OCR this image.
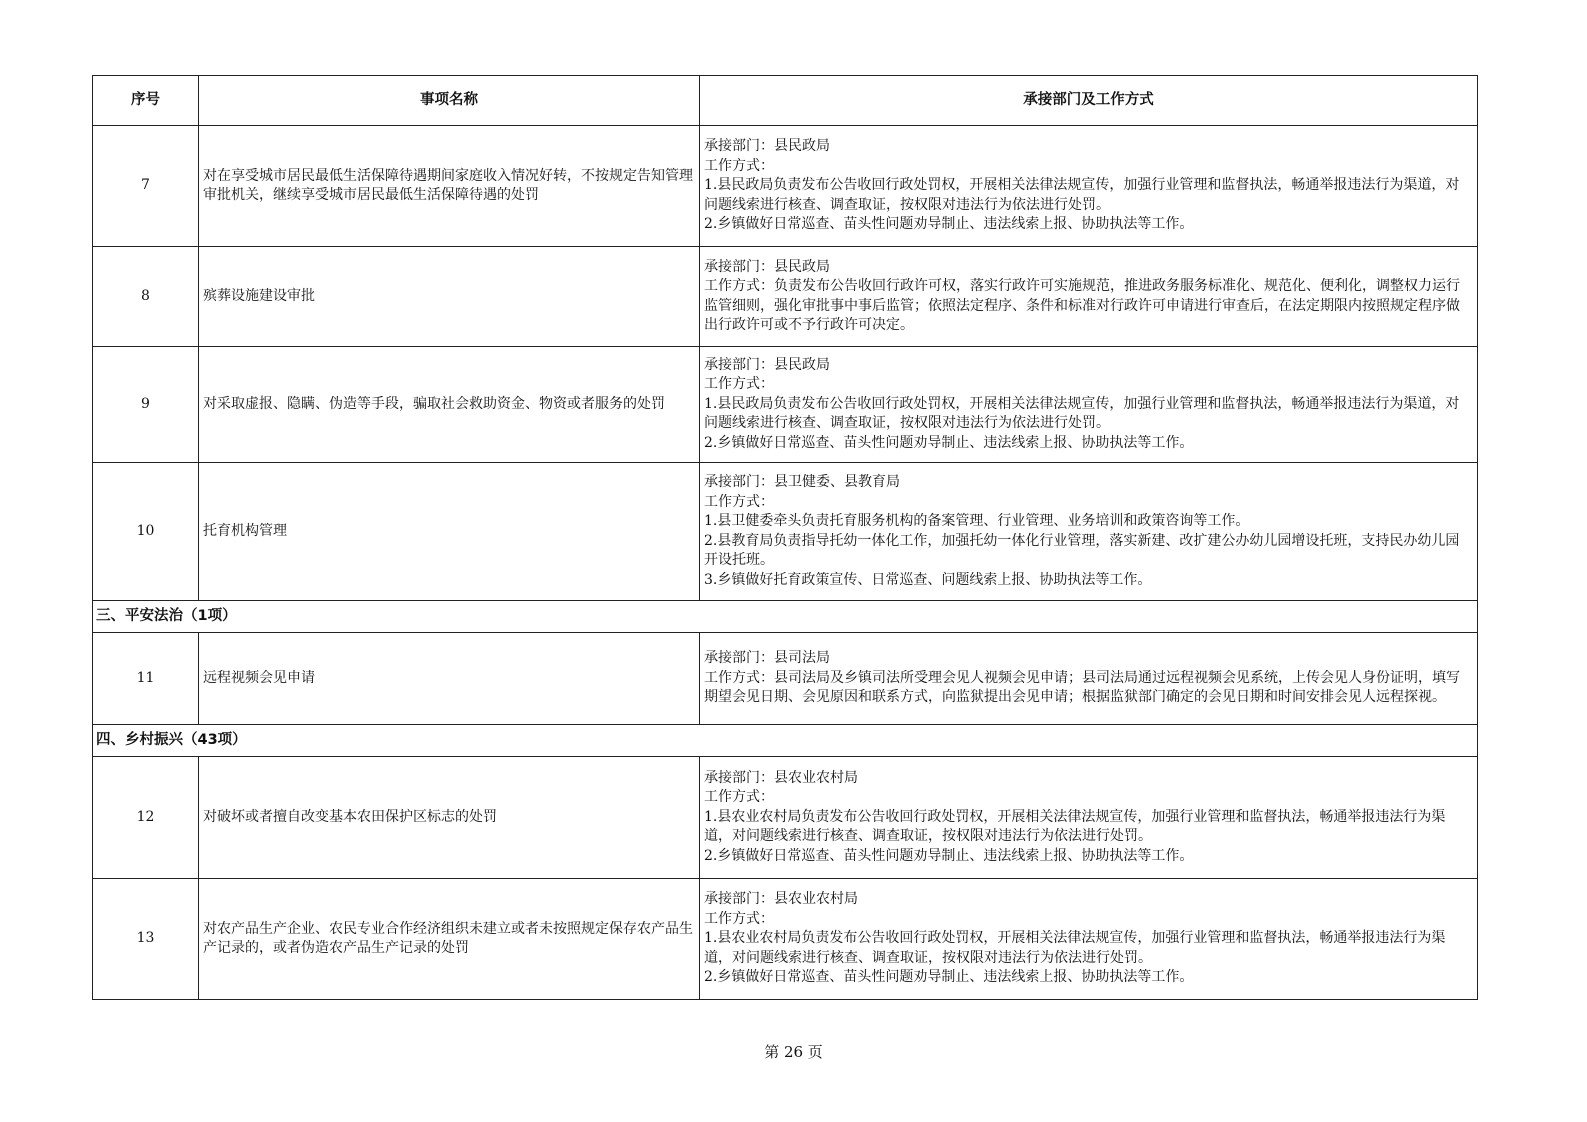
序号	事项名称	承接部门及工作方式
7	对在享受城市居民最低生活保障待遇期间家庭收入情况好转，不按规定告知管理审批机关，继续享受城市居民最低生活保障待遇的处罚	承接部门：县民政局
工作方式：
1.县民政局负责发布公告收回行政处罚权，开展相关法律法规宣传，加强行业管理和监督执法，畅通举报违法行为渠道，对问题线索进行核查、调查取证，按权限对违法行为依法进行处罚。
2.乡镇做好日常巡查、苗头性问题劝导制止、违法线索上报、协助执法等工作。

8	殡葬设施建设审批	承接部门：县民政局
工作方式：负责发布公告收回行政许可权，落实行政许可实施规范，推进政务服务标准化、规范化、便利化，调整权力运行监管细则，强化审批事中事后监管；依照法定程序、条件和标准对行政许可申请进行审查后，在法定期限内按照规定程序做出行政许可或不予行政许可决定。

9	对采取虚报、隐瞒、伪造等手段，骗取社会救助资金、物资或者服务的处罚	承接部门：县民政局
工作方式：
1.县民政局负责发布公告收回行政处罚权，开展相关法律法规宣传，加强行业管理和监督执法，畅通举报违法行为渠道，对问题线索进行核查、调查取证，按权限对违法行为依法进行处罚。
2.乡镇做好日常巡查、苗头性问题劝导制止、违法线索上报、协助执法等工作。

10	托育机构管理	承接部门：县卫健委、县教育局
工作方式：
1.县卫健委牵头负责托育服务机构的备案管理、行业管理、业务培训和政策咨询等工作。
2.县教育局负责指导托幼一体化工作，加强托幼一体化行业管理，落实新建、改扩建公办幼儿园增设托班，支持民办幼儿园开设托班。
3.乡镇做好托育政策宣传、日常巡查、问题线索上报、协助执法等工作。

三、平安法治（1项）		
11	远程视频会见申请	承接部门：县司法局
工作方式：县司法局及乡镇司法所受理会见人视频会见申请；县司法局通过远程视频会见系统，上传会见人身份证明，填写期望会见日期、会见原因和联系方式，向监狱提出会见申请；根据监狱部门确定的会见日期和时间安排会见人远程探视。

四、乡村振兴（43项）		
12	对破坏或者擅自改变基本农田保护区标志的处罚	承接部门：县农业农村局
工作方式：
1.县农业农村局负责发布公告收回行政处罚权，开展相关法律法规宣传，加强行业管理和监督执法，畅通举报违法行为渠道，对问题线索进行核查、调查取证，按权限对违法行为依法进行处罚。
2.乡镇做好日常巡查、苗头性问题劝导制止、违法线索上报、协助执法等工作。

13	对农产品生产企业、农民专业合作经济组织未建立或者未按照规定保存农产品生产记录的，或者伪造农产品生产记录的处罚	承接部门：县农业农村局
工作方式：
1.县农业农村局负责发布公告收回行政处罚权，开展相关法律法规宣传，加强行业管理和监督执法，畅通举报违法行为渠道，对问题线索进行核查、调查取证，按权限对违法行为依法进行处罚。
2.乡镇做好日常巡查、苗头性问题劝导制止、违法线索上报、协助执法等工作。
第 26 页
